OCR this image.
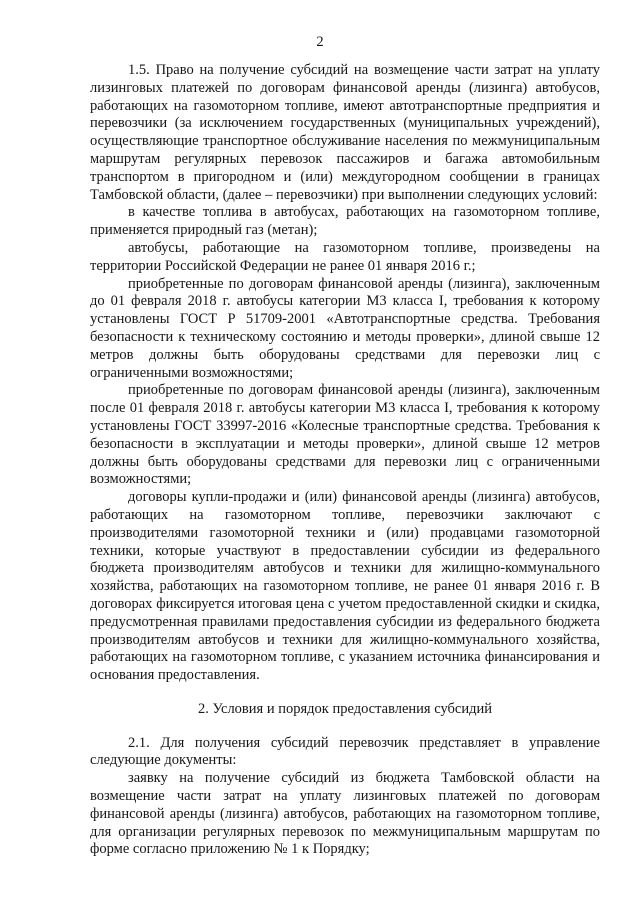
2

1.5. Право на получение субсидий на возмещение части затрат на уплату лизинговых платежей по договорам финансовой аренды (лизинга) автобусов, работающих на газомоторном топливе, имеют автотранспортные предприятия и перевозчики (за исключением государственных (муниципальных учреждений), осуществляющие транспортное обслуживание населения по межмуниципальным маршрутам регулярных перевозок пассажиров и багажа автомобильным транспортом в пригородном и (или) междугородном сообщении в границах Тамбовской области, (далее – перевозчики) при выполнении следующих условий:

в качестве топлива в автобусах, работающих на газомоторном топливе, применяется природный газ (метан);

автобусы, работающие на газомоторном топливе, произведены на территории Российской Федерации не ранее 01 января 2016 г.;

приобретенные по договорам финансовой аренды (лизинга), заключенным до 01 февраля 2018 г. автобусы категории М3 класса I, требования к которому установлены ГОСТ Р 51709-2001 «Автотранспортные средства. Требования безопасности к техническому состоянию и методы проверки», длиной свыше 12 метров должны быть оборудованы средствами для перевозки лиц с ограниченными возможностями;

приобретенные по договорам финансовой аренды (лизинга), заключенным после 01 февраля 2018 г. автобусы категории М3 класса I, требования к которому установлены ГОСТ 33997-2016 «Колесные транспортные средства. Требования к безопасности в эксплуатации и методы проверки», длиной свыше 12 метров должны быть оборудованы средствами для перевозки лиц с ограниченными возможностями;

договоры купли-продажи и (или) финансовой аренды (лизинга) автобусов, работающих на газомоторном топливе, перевозчики заключают с производителями газомоторной техники и (или) продавцами газомоторной техники, которые участвуют в предоставлении субсидии из федерального бюджета производителям автобусов и техники для жилищно-коммунального хозяйства, работающих на газомоторном топливе, не ранее 01 января 2016 г. В договорах фиксируется итоговая цена с учетом предоставленной скидки и скидка, предусмотренная правилами предоставления субсидии из федерального бюджета производителям автобусов и техники для жилищно-коммунального хозяйства, работающих на газомоторном топливе, с указанием источника финансирования и основания предоставления.

2. Условия и порядок предоставления субсидий

2.1. Для получения субсидий перевозчик представляет в управление следующие документы:

заявку на получение субсидий из бюджета Тамбовской области на возмещение части затрат на уплату лизинговых платежей по договорам финансовой аренды (лизинга) автобусов, работающих на газомоторном топливе, для организации регулярных перевозок по межмуниципальным маршрутам по форме согласно приложению № 1 к Порядку;
